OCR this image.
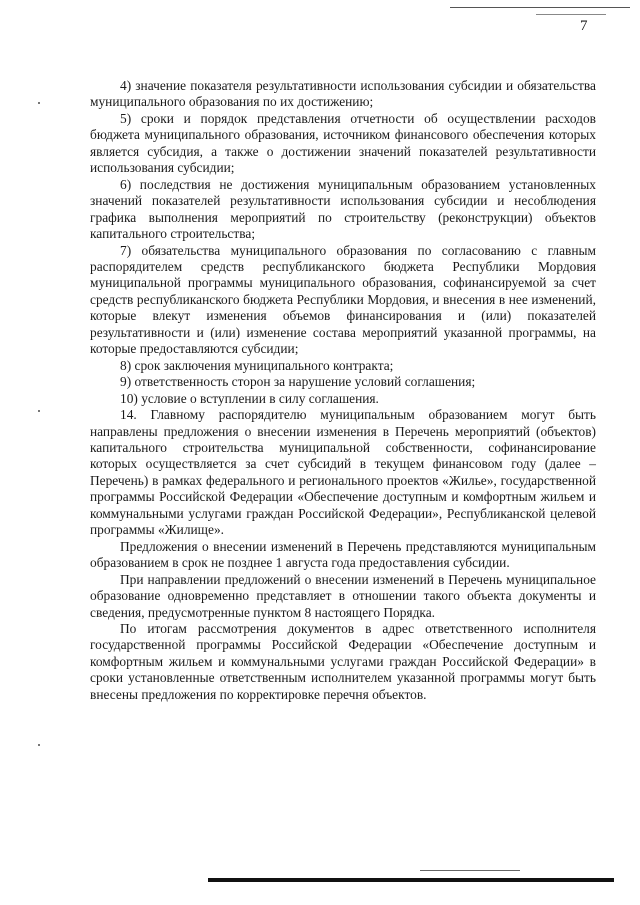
7

4) значение показателя результативности использования субсидии и обязательства муниципального образования по их достижению;

5) сроки и порядок представления отчетности об осуществлении расходов бюджета муниципального образования, источником финансового обеспечения которых является субсидия, а также о достижении значений показателей результативности использования субсидии;

6) последствия не достижения муниципальным образованием установленных значений показателей результативности использования субсидии и несоблюдения графика выполнения мероприятий по строительству (реконструкции) объектов капитального строительства;

7) обязательства муниципального образования по согласованию с главным распорядителем средств республиканского бюджета Республики Мордовия муниципальной программы муниципального образования, софинансируемой за счет средств республиканского бюджета Республики Мордовия, и внесения в нее изменений, которые влекут изменения объемов финансирования и (или) показателей результативности и (или) изменение состава мероприятий указанной программы, на которые предоставляются субсидии;

8) срок заключения муниципального контракта;

9) ответственность сторон за нарушение условий соглашения;

10) условие о вступлении в силу соглашения.

14. Главному распорядителю муниципальным образованием могут быть направлены предложения о внесении изменения в Перечень мероприятий (объектов) капитального строительства муниципальной собственности, софинансирование которых осуществляется за счет субсидий в текущем финансовом году (далее – Перечень) в рамках федерального и регионального проектов «Жилье», государственной программы Российской Федерации «Обеспечение доступным и комфортным жильем и коммунальными услугами граждан Российской Федерации», Республиканской целевой программы «Жилище».

Предложения о внесении изменений в Перечень представляются муниципальным образованием в срок не позднее 1 августа года предоставления субсидии.

При направлении предложений о внесении изменений в Перечень муниципальное образование одновременно представляет в отношении такого объекта документы и сведения, предусмотренные пунктом 8 настоящего Порядка.

По итогам рассмотрения документов в адрес ответственного исполнителя государственной программы Российской Федерации «Обеспечение доступным и комфортным жильем и коммунальными услугами граждан Российской Федерации» в сроки установленные ответственным исполнителем указанной программы могут быть внесены предложения по корректировке перечня объектов.
